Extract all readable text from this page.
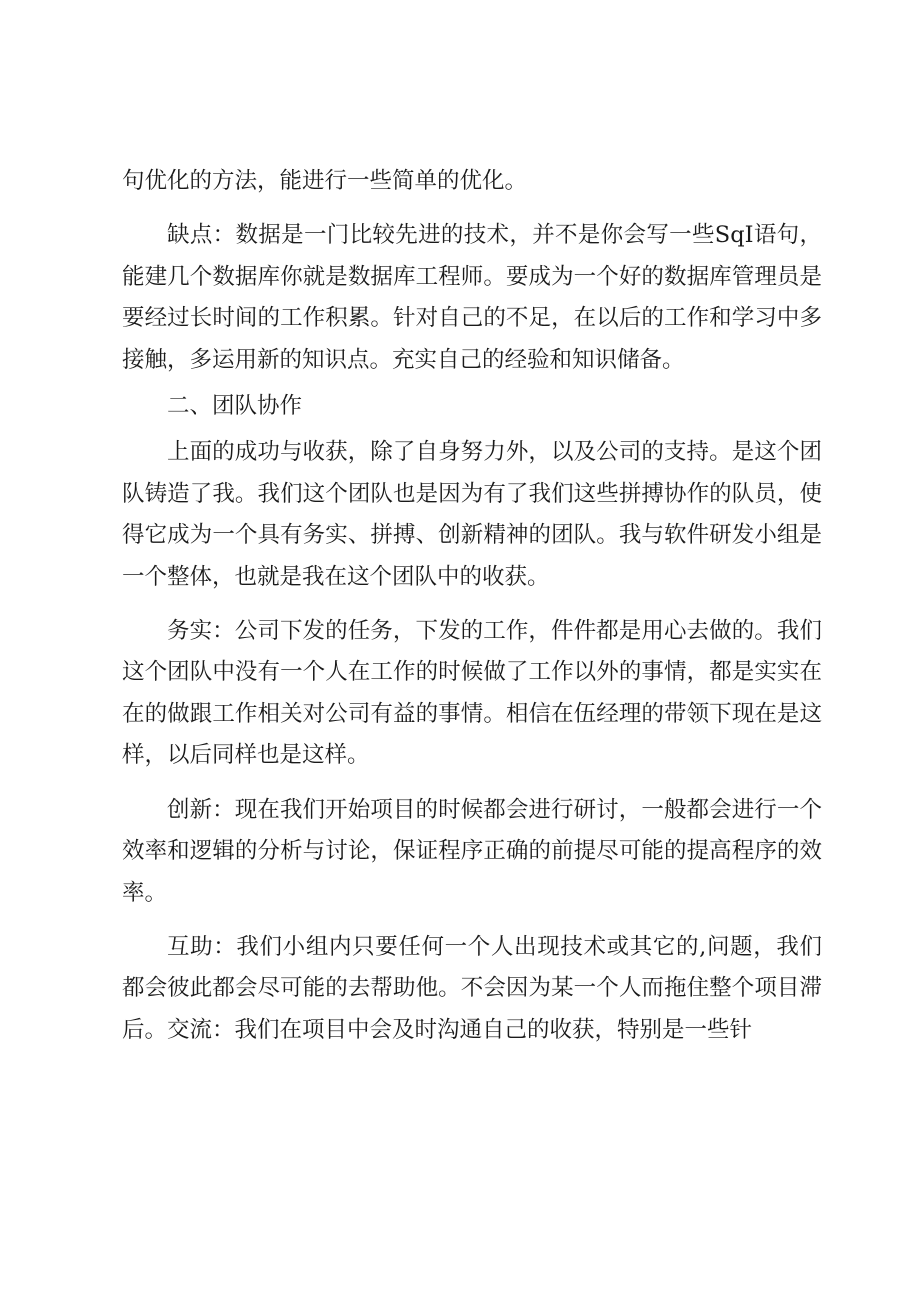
句优化的方法，能进行一些简单的优化。

缺点：数据是一门比较先进的技术，并不是你会写一些SqI语句，能建几个数据库你就是数据库工程师。要成为一个好的数据库管理员是要经过长时间的工作积累。针对自己的不足，在以后的工作和学习中多接触，多运用新的知识点。充实自己的经验和知识储备。

二、团队协作

上面的成功与收获，除了自身努力外，以及公司的支持。是这个团队铸造了我。我们这个团队也是因为有了我们这些拼搏协作的队员，使得它成为一个具有务实、拼搏、创新精神的团队。我与软件研发小组是一个整体，也就是我在这个团队中的收获。

务实：公司下发的任务，下发的工作，件件都是用心去做的。我们这个团队中没有一个人在工作的时候做了工作以外的事情，都是实实在在的做跟工作相关对公司有益的事情。相信在伍经理的带领下现在是这样，以后同样也是这样。

创新：现在我们开始项目的时候都会进行研讨，一般都会进行一个效率和逻辑的分析与讨论，保证程序正确的前提尽可能的提高程序的效率。

互助：我们小组内只要任何一个人出现技术或其它的,问题，我们都会彼此都会尽可能的去帮助他。不会因为某一个人而拖住整个项目滞后。交流：我们在项目中会及时沟通自己的收获，特别是一些针
